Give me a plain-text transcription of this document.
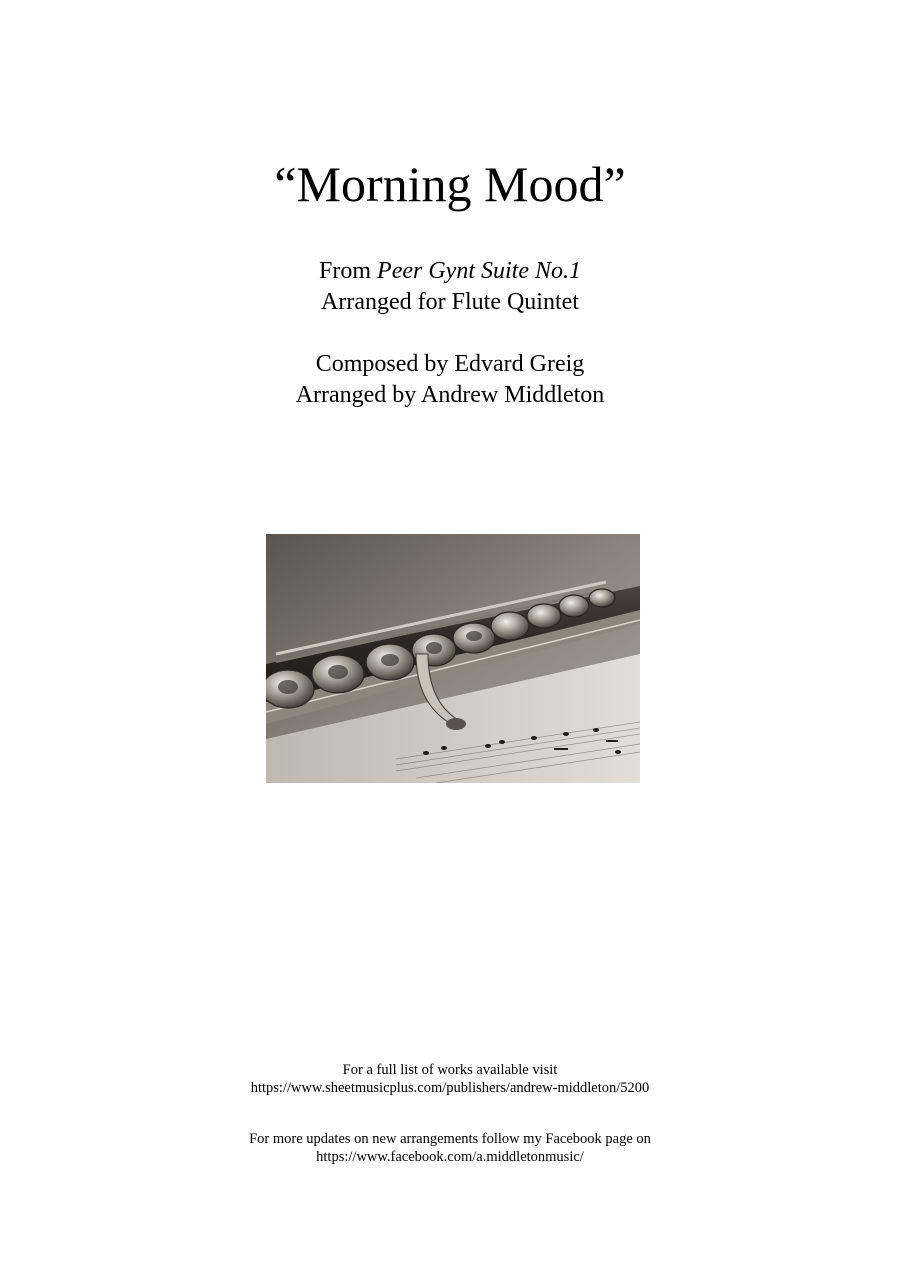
“Morning Mood”
From Peer Gynt Suite No.1
Arranged for Flute Quintet
Composed by Edvard Greig
Arranged by Andrew Middleton
For a full list of works available visit
https://www.sheetmusicplus.com/publishers/andrew-middleton/5200
For more updates on new arrangements follow my Facebook page on
https://www.facebook.com/a.middletonmusic/
